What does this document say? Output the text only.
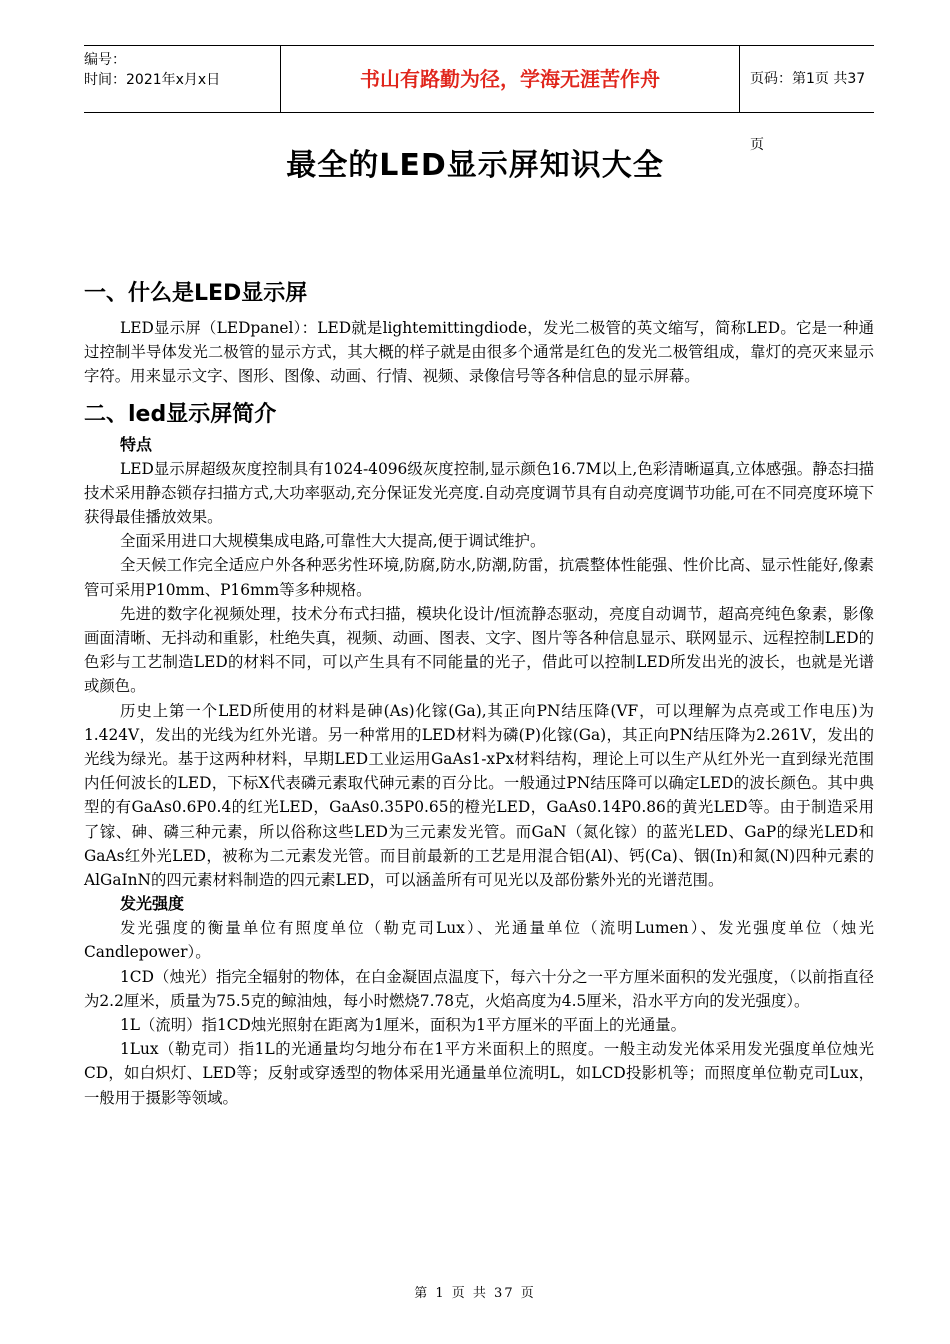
编号：
时间：2021年x月x日	书山有路勤为径，学海无涯苦作舟	页码：第1页 共37页
最全的LED显示屏知识大全
一、什么是LED显示屏

LED显示屏（LEDpanel）：LED就是lightemittingdiode，发光二极管的英文缩写，简称LED。它是一种通过控制半导体发光二极管的显示方式，其大概的样子就是由很多个通常是红色的发光二极管组成，靠灯的亮灭来显示字符。用来显示文字、图形、图像、动画、行情、视频、录像信号等各种信息的显示屏幕。

二、led显示屏简介
特点

LED显示屏超级灰度控制具有1024-4096级灰度控制,显示颜色16.7M以上,色彩清晰逼真,立体感强。静态扫描技术采用静态锁存扫描方式,大功率驱动,充分保证发光亮度.自动亮度调节具有自动亮度调节功能,可在不同亮度环境下获得最佳播放效果。

全面采用进口大规模集成电路,可靠性大大提高,便于调试维护。

全天候工作完全适应户外各种恶劣性环境,防腐,防水,防潮,防雷，抗震整体性能强、性价比高、显示性能好,像素管可采用P10mm、P16mm等多种规格。

先进的数字化视频处理，技术分布式扫描，模块化设计/恒流静态驱动，亮度自动调节，超高亮纯色象素，影像画面清晰、无抖动和重影，杜绝失真，视频、动画、图表、文字、图片等各种信息显示、联网显示、远程控制LED的色彩与工艺制造LED的材料不同，可以产生具有不同能量的光子，借此可以控制LED所发出光的波长，也就是光谱或颜色。

历史上第一个LED所使用的材料是砷(As)化镓(Ga),其正向PN结压降(VF，可以理解为点亮或工作电压)为1.424V，发出的光线为红外光谱。另一种常用的LED材料为磷(P)化镓(Ga)，其正向PN结压降为2.261V，发出的光线为绿光。基于这两种材料，早期LED工业运用GaAs1-xPx材料结构，理论上可以生产从红外光一直到绿光范围内任何波长的LED，下标X代表磷元素取代砷元素的百分比。一般通过PN结压降可以确定LED的波长颜色。其中典型的有GaAs0.6P0.4的红光LED，GaAs0.35P0.65的橙光LED，GaAs0.14P0.86的黄光LED等。由于制造采用了镓、砷、磷三种元素，所以俗称这些LED为三元素发光管。而GaN（氮化镓）的蓝光LED、GaP的绿光LED和GaAs红外光LED，被称为二元素发光管。而目前最新的工艺是用混合铝(Al)、钙(Ca)、铟(In)和氮(N)四种元素的AlGaInN的四元素材料制造的四元素LED，可以涵盖所有可见光以及部份紫外光的光谱范围。

发光强度

发光强度的衡量单位有照度单位（勒克司Lux）、光通量单位（流明Lumen）、发光强度单位（烛光Candlepower）。

1CD（烛光）指完全辐射的物体，在白金凝固点温度下，每六十分之一平方厘米面积的发光强度，（以前指直径为2.2厘米，质量为75.5克的鲸油烛，每小时燃烧7.78克，火焰高度为4.5厘米，沿水平方向的发光强度）。

1L（流明）指1CD烛光照射在距离为1厘米，面积为1平方厘米的平面上的光通量。

1Lux（勒克司）指1L的光通量均匀地分布在1平方米面积上的照度。一般主动发光体采用发光强度单位烛光CD，如白炽灯、LED等；反射或穿透型的物体采用光通量单位流明L，如LCD投影机等；而照度单位勒克司Lux，一般用于摄影等领域。

第 1 页 共 37 页
